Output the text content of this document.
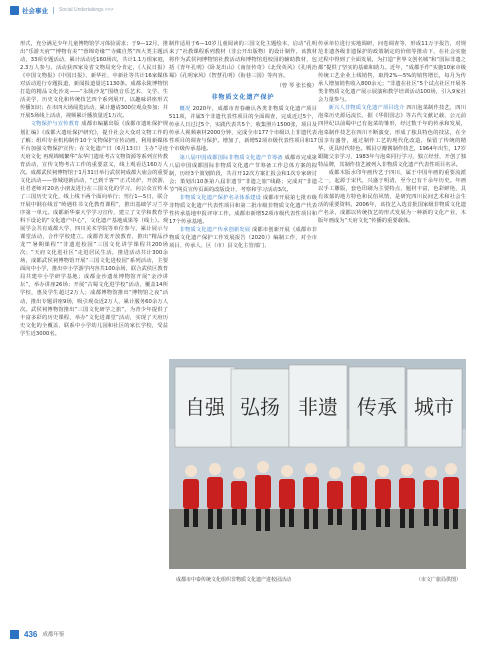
社会事业 Social Undertakings >>>

形式，充分满足少年儿童博物馆学习体验需求；于9—12月，推出“乐游天府”“博物有美”“蓉锦奇缘”“寺藏自然”四大类主题活动，33项专题活动，累计活动近160场次，共计1.1万组家庭，2.3万人参与。活动获四家及省文物局充分肯定，《人民日报》《中国文物报》《中国日报》、新华社、中新社等共计16家媒体对活动进行专题报道，新闻报道量达1130条。成都永陵博物馆打造的精品文化沙龙——“永陵沙龙”围绕音乐艺术、文学、生活美学、历史文化和传统技艺四个系列展开，以趣味讲座形式传播知识；在市四大场阅览活动，累计邀请300位观众参加；并开展5场线上活动，视频累计播放量近1万次。

文物保护与宣传教育 成都市编纂出版《成都市遗址保护规划汇编》《成都大遗址保护研究》，提升社会大众对文物工作的了解；组织专业机构制作10个文物保护宣传动画，利用新媒体平台加强文物保护宣传；在文化遗产日（6月13日）主办“寻迹天府文化 再现锦城繁华”东华门遗址考古文物资源等系列宣传教育活动，宣传文物考古工作的重要意义，线上观看达160万人次。成都武侯祠博物馆于1月31日举行武侯祠成都大庙会的重要文化活动——蓉城迎新活动，“已到千客”“正式出炉，开放游，社君老师对20名小朋友进行在三国文化的学习，向公众宣传本了三国历史文化，线上线下两个面向举行；刊行1—5日，联合开展中钢在线首“岭遇柱书文化教育课程”，推出基础学习兰亭序第一单元。成都新华秦大学学习宣传，建立了文学和教育学科下设论的“文化遗产中心”，文化遗产基地成果等（线上）。观展学会共有成都大学、四川美术学院等单位参与，累计展示与课堂活动，合作学校建立。成都青龙开放教育，推出“精品沙龙”“暑期课程”“非遗进校园”三国文化讲学课程共200场次；“天府文化进社区”走进居民生活，推进活动共计300余场，成都武侯祠博物馆开展“三国文化进校园”系列活动，主要面向中小学，推出中小学游学内容共100余场，联合武侯区教育局共建中小学研学基地；成都金沙遗址博物馆开展“金沙讲坛”，举办讲座26场；开展“古蜀文化进学校”活动，覆盖14所学校，惠及学生超过2万人；成都博物馆推出“博物馆之夜”活动，推出专题讲座9场，吸引观众近2万人，累计服务60余万人次。武侯祠博物馆推出“三国文化研学之旅”，为青少年提供了丰富多彩的历史课程，举办“文化进课堂”活动，实现了天府历史文化的全覆盖，联系中小学幼儿园和社区的家长学校，受益学生近3000名。

制作适用于6—10岁儿童阅读的三国文化主题绘本，启动“孔明来了”社教课程系列教材（非公开出版物）的设计制作，该教材将作为武侯祠博物馆社教活动和博物馆进校园的辅助教材，包括《青年孔明》《卧龙出山》《南征传奇》《北伐英风》《孔明治蜀》《孔明家风》《智慧孔明》《衔巷三国》等内容。

（曾 琴 张长俊）
非物质文化遗产保护

概况 2020年，成都市青春确认各类非物质文化遗产项目511项，并属5个非遗代表性项目的全面调查，完成近过5个，传承人日过过5个，实践代表共5个，收集照片1500张，项目及传承人视频素材2000分钟，完成全市177个市级以上非遗代表性项目的调查与保护。增加了，新增52项市级代表性项目和17个市级传承基地。

第八届中国成都国际非物质文化遗产节筹备 成都市完成第八届中国成都国际非物质文化遗产节筹备工作总体方案的拟制，历经3个策划阶段，共召开12次方案汇报会和1次专家研讨会；策划出10条第八届非遗节“非遗之旅”线路；完成对“非遗节”网页宣传页面的改版设计，考察和学习活动3次。

非物质文化遗产保护名录体系建设 成都市开展第七批市级非物质文化遗产代表性项目和第二批市级非物质文化遗产代表性传承基地申报评审工作。成都市新增52项市级代表性项目和17个传承基地。

非物质文化遗产传承创新发展 成都市创新开展《成都市非物质文化遗产保护工作发展报告（2020）》编制工作，对全市项目、传承人、区（市）县文化主管部门、

传承单位进行实地调研，问卷调查等，形成11万字报告，对规范非遗各级非遗保护的政策制定的价值等推动下，在社会实施过程中得到了全面发展，为打造“世界文创名城”和“国际非遗之都”提供了坚实的基础和助力。近年，“成都手作”实施10家市级传统工艺企业上线销售，取得2%—5%的销售增长，每月为传承人增加销售收入800余元；“非遗在社区”5个试点社区开展各类非物质文化遗产展示展演和教学培训活动100场，引入9家社会力量参与。

新兴人非物质文化遗产项目选介 四川泡菜制作技艺，四川泡菜历史源远流长，据《华阳国志》等古代文献记载，公元前四世纪以前蜀中已有泡菜的雏形，经过数千年的传承和发展，泡菜制作技艺在四川不断演变，形成了独具特色的技法，在全国享有盛誉，通过制作工艺的现代化改造，保留了传统的精华，更具时代特色。郫县豆瓣酱制作技艺，1964年出生，17岁跟随父亲学习，1983年与泡菜同行学习，独立经营，开创了独特品牌，其制作技艺被列入非物质文化遗产代表性项目名录。

成都木版水印年画传艺于四川，属于中国年画的重要流派之一，起源于宋代，兴盛于明清，至今已有千余年历史。年画以手工雕版，套色印刷为主要特点，题材丰富，色彩鲜艳，具有浓郁的地方特色和民俗风情，是研究四川民间艺术和社会生活的重要资料。2006年，该技艺入选首批国家级非物质文化遗产名录，成都以传统技艺的形式发展为一种新的文化产业，木版年画成为“天府文化”传播的重要载体。

自强 弘扬 非遗 传承 城市
成都市中泰传统文化组织非物质文化遗产进校园活动	（市文广旅局供图）
436 成都年鉴
